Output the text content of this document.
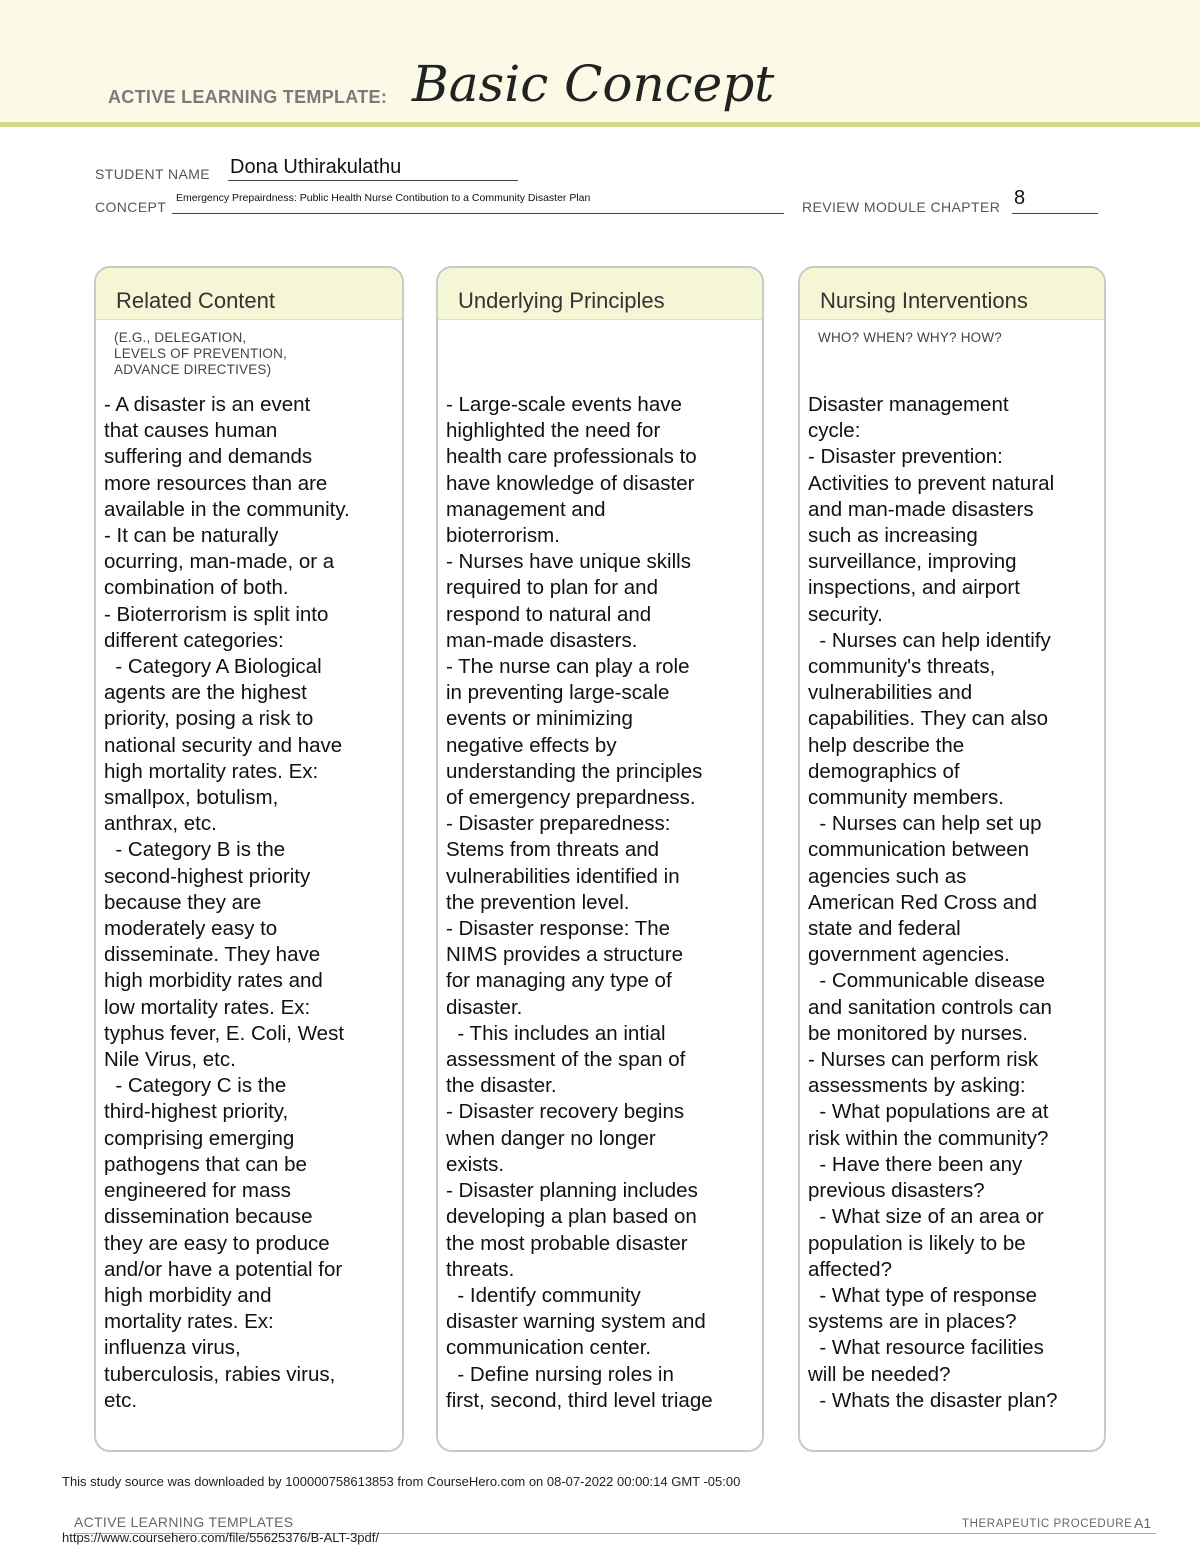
ACTIVE LEARNING TEMPLATE: Basic Concept
STUDENT NAME Dona Uthirakulathu
CONCEPT
Emergency Prepairdness: Public Health Nurse Contibution to a Community Disaster Plan
REVIEW MODULE CHAPTER 8
Related Content
(E.G., DELEGATION,
LEVELS OF PREVENTION,
ADVANCE DIRECTIVES)
- A disaster is an event
that causes human
suffering and demands
more resources than are
available in the community.
- It can be naturally
ocurring, man-made, or a
combination of both.
- Bioterrorism is split into
different categories:
- Category A Biological
agents are the highest
priority, posing a risk to
national security and have
high mortality rates. Ex:
smallpox, botulism,
anthrax, etc.
- Category B is the
second-highest priority
because they are
moderately easy to
disseminate. They have
high morbidity rates and
low mortality rates. Ex:
typhus fever, E. Coli, West
Nile Virus, etc.
- Category C is the
third-highest priority,
comprising emerging
pathogens that can be
engineered for mass
dissemination because
they are easy to produce
and/or have a potential for
high morbidity and
mortality rates. Ex:
influenza virus,
tuberculosis, rabies virus,
etc.
Underlying Principles
- Large-scale events have
highlighted the need for
health care professionals to
have knowledge of disaster
management and
bioterrorism.
- Nurses have unique skills
required to plan for and
respond to natural and
man-made disasters.
- The nurse can play a role
in preventing large-scale
events or minimizing
negative effects by
understanding the principles
of emergency prepardness.
- Disaster preparedness:
Stems from threats and
vulnerabilities identified in
the prevention level.
- Disaster response: The
NIMS provides a structure
for managing any type of
disaster.
- This includes an intial
assessment of the span of
the disaster.
- Disaster recovery begins
when danger no longer
exists.
- Disaster planning includes
developing a plan based on
the most probable disaster
threats.
- Identify community
disaster warning system and
communication center.
- Define nursing roles in
first, second, third level triage
Nursing Interventions
WHO? WHEN? WHY? HOW?
Disaster management
cycle:
- Disaster prevention:
Activities to prevent natural
and man-made disasters
such as increasing
surveillance, improving
inspections, and airport
security.
- Nurses can help identify
community's threats,
vulnerabilities and
capabilities. They can also
help describe the
demographics of
community members.
- Nurses can help set up
communication between
agencies such as
American Red Cross and
state and federal
government agencies.
- Communicable disease
and sanitation controls can
be monitored by nurses.
- Nurses can perform risk
assessments by asking:
- What populations are at
risk within the community?
- Have there been any
previous disasters?
- What size of an area or
population is likely to be
affected?
- What type of response
systems are in places?
- What resource facilities
will be needed?
- Whats the disaster plan?
This study source was downloaded by 100000758613853 from CourseHero.com on 08-07-2022 00:00:14 GMT -05:00
ACTIVE LEARNING TEMPLATES
https://www.coursehero.com/file/55625376/B-ALT-3pdf/
THERAPEUTIC PROCEDURE A1
